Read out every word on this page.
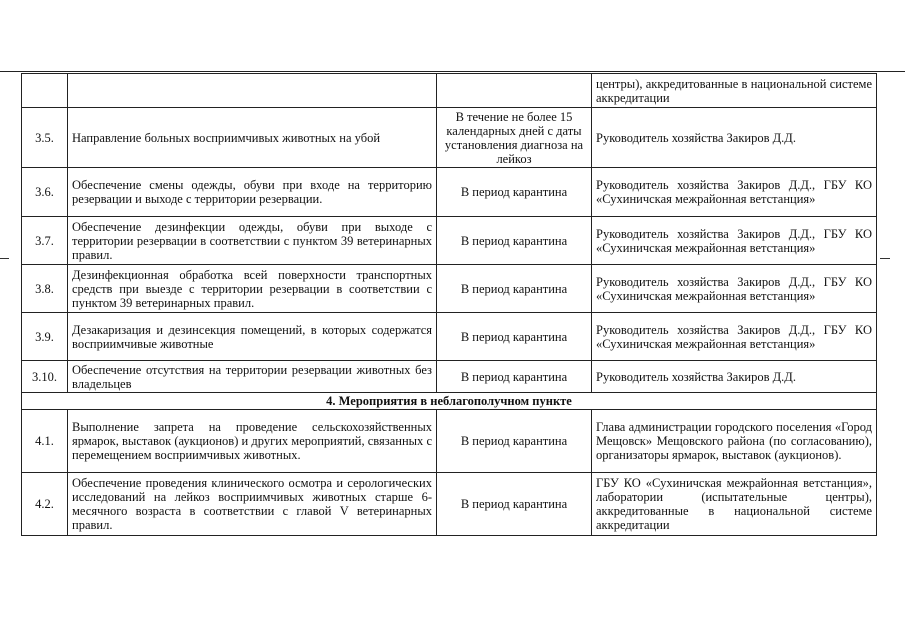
			центры), аккредитованные в национальной системе аккредитации
3.5.	Направление больных восприимчивых животных на убой	В течение не более 15 календарных дней с даты установления диагноза на лейкоз	Руководитель хозяйства Закиров Д.Д.
3.6.	Обеспечение смены одежды, обуви при входе на территорию резервации и выходе с территории резервации.	В период карантина	Руководитель хозяйства Закиров Д.Д., ГБУ КО «Сухиничская межрайонная ветстанция»
3.7.	Обеспечение дезинфекции одежды, обуви при выходе с территории резервации в соответствии с пунктом 39 ветеринарных правил.	В период карантина	Руководитель хозяйства Закиров Д.Д., ГБУ КО «Сухиничская межрайонная ветстанция»
3.8.	Дезинфекционная обработка всей поверхности транспортных средств при выезде с территории резервации в соответствии с пунктом 39 ветеринарных правил.	В период карантина	Руководитель хозяйства Закиров Д.Д., ГБУ КО «Сухиничская межрайонная ветстанция»
3.9.	Дезакаризация и дезинсекция помещений, в которых содержатся восприимчивые животные	В период карантина	Руководитель хозяйства Закиров Д.Д., ГБУ КО «Сухиничская межрайонная ветстанция»
3.10.	Обеспечение отсутствия на территории резервации животных без владельцев	В период карантина	Руководитель хозяйства Закиров Д.Д.
4. Мероприятия в неблагополучном пункте			
4.1.	Выполнение запрета на проведение сельскохозяйственных ярмарок, выставок (аукционов) и других мероприятий, связанных с перемещением восприимчивых животных.	В период карантина	Глава администрации городского поселения «Город Мещовск» Мещовского района (по согласованию), организаторы ярмарок, выставок (аукционов).
4.2.	Обеспечение проведения клинического осмотра и серологических исследований на лейкоз восприимчивых животных старше 6-месячного возраста в соответствии с главой V ветеринарных правил.	В период карантина	ГБУ КО «Сухиничская межрайонная ветстанция», лаборатории (испытательные центры), аккредитованные в национальной системе аккредитации
